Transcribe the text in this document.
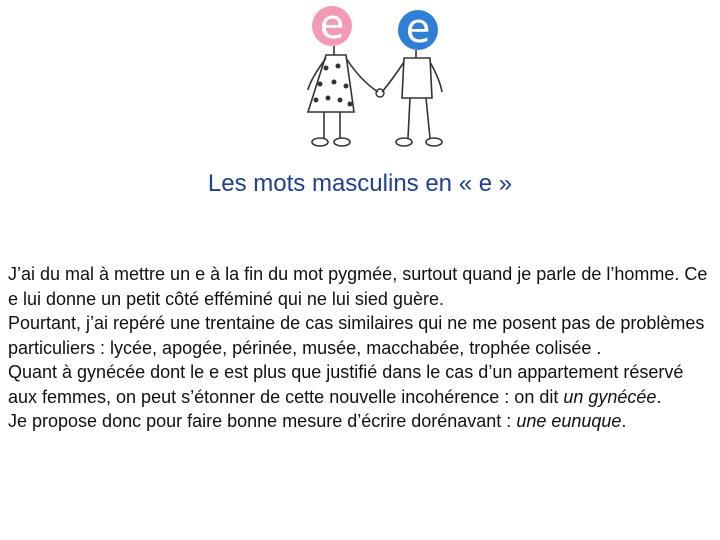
e e
Les mots masculins en « e »

J’ai du mal à mettre un e à la fin du mot pygmée, surtout quand je parle de l’homme. Ce e lui donne un petit côté efféminé qui ne lui sied guère.

Pourtant, j’ai repéré une trentaine de cas similaires qui ne me posent pas de problèmes particuliers : lycée, apogée, périnée, musée, macchabée, trophée colisée .

Quant à gynécée dont le e est plus que justifié dans le cas d’un appartement réservé aux femmes, on peut s’étonner de cette nouvelle incohérence : on dit un gynécée.

Je propose donc pour faire bonne mesure d’écrire dorénavant : une eunuque.
